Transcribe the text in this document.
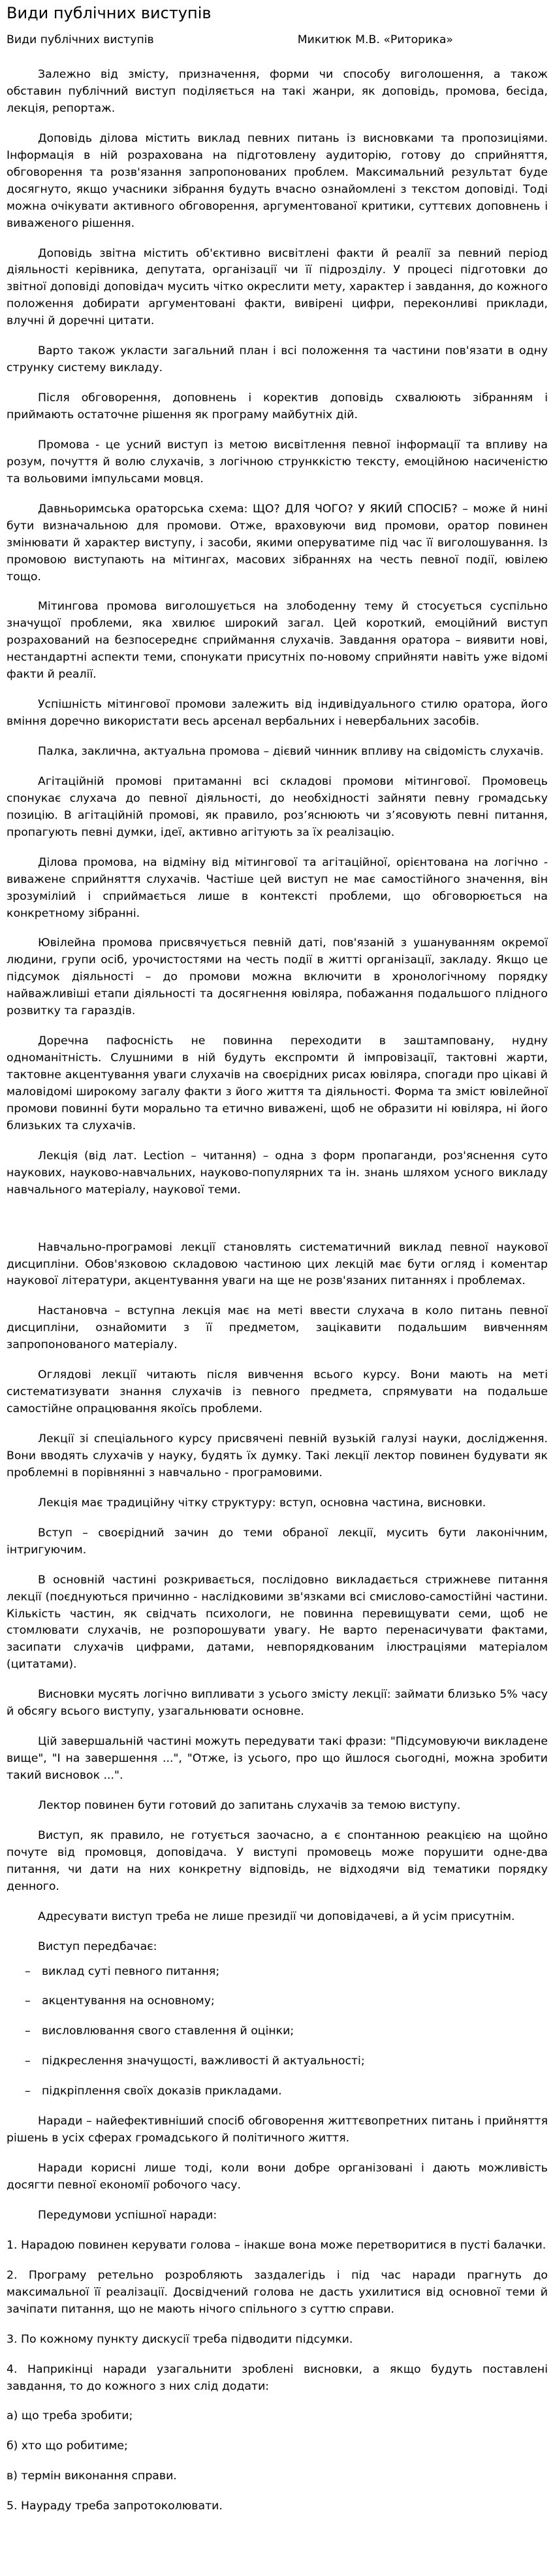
Види публічних виступів
Види публічних виступів	Микитюк М.В. «Риторика»

Залежно від змісту, призначення, форми чи способу виголошення, а також обставин публічний виступ поділяється на такі жанри, як доповідь, промова, бесіда, лекція, репортаж.

Доповідь ділова містить виклад певних питань із висновками та пропозиціями. Інформація в ній розрахована на підготовлену аудиторію, готову до сприйняття, обговорення та розв'язання запропонованих проблем. Максимальний результат буде досягнуто, якщо учасники зібрання будуть вчасно ознайомлені з текстом доповіді. Тоді можна очікувати активного обговорення, аргументованої критики, суттєвих доповнень і виваженого рішення.

Доповідь звітна містить об'єктивно висвітлені факти й реалії за певний період діяльності керівника, депутата, організації чи її підрозділу. У процесі підготовки до звітної доповіді доповідач мусить чітко окреслити мету, характер і завдання, до кожного положення добирати аргументовані факти, вивірені цифри, переконливі приклади, влучні й доречні цитати.

Варто також уклaсти загальний план і всі положення та частини пов'язати в одну струнку систему викладу.

Після обговорення, доповнень і коректив доповідь схвалюють зібранням і приймають остаточне рішення як програму майбутніх дій.

Промова - це усний виступ із метою висвітлення певної інформації та впливу на розум, почуття й волю слухачів, з логічною струнккістю тексту, емоційною насиченістю та вольовими імпульсами мовця.

Давньоримська ораторська схема: ЩО? ДЛЯ ЧОГО? У ЯКИЙ СПОСІБ? – може й нині бути визначальною для промови. Отже, враховуючи вид промови, оратор повинен змінювати й характер виступу, і засоби, якими оперуватиме під час її виголошування. Із промовою виступають на мітингах, масових зібраннях на честь певної події, ювілею тощо.

Мітингова промова виголошується на злободенну тему й стосується суспільно значущої проблеми, яка хвилює широкий загал. Цей короткий, емоційний виступ розрахований на безпосереднє сприймання слухачів. Завдання оратора – виявити нові, нестандартні аспекти теми, спонукати присутніх по-новому сприйняти навіть уже відомі факти й реалії.

Успішність мітингової промови залежить від індивідуального стилю оратора, його вміння доречно використати весь арсенал вербальних і невербальних засобів.

Палка, закличнa, актуальна промова – дієвий чинник впливу на свідомість слухачів.

Агітаційній промові притаманні всі складові промови мітингової. Промовець спонукає слухача до певної діяльності, до необхідності зайняти певну громадську позицію. В агітаційній промові, як правило, розʼяснюють чи зʼясовують певні питання, пропагують певні думки, ідеї, активно агітують за їх реалізацію.

Ділова промова, на відміну від мітингової та агітаційної, орієнтована на логічно - виважене сприйняття слухачів. Частіше цей виступ не має самостійного значення, він зрозуміліий і сприймається лише в контексті проблеми, що обговорюється на конкретному зібранні.

Ювілейна промова присвячується певній даті, пов'язаній з ушануванням окремої людини, групи осіб, урочистостями на честь події в житті організації, закладу. Якщо це підсумок діяльності – до промови можна включити в хронологічному порядку найважливіші етапи діяльності та досягнення ювіляра, побажання подальшого плідного розвитку та гараздів.

Доречна пафосність не повинна переходити в заштампованy, нудну одноманітність. Слушними в ній будуть експромти й імпровізації, тактовні жарти, тактовне акцентування уваги слухачів на своєрідних рисах ювіляра, спогади про цікаві й маловідомі широкому загалу факти з його життя та діяльності. Форма та зміст ювілейної промови повинні бути морально та етично виважені, щоб не образити ні ювіляра, ні його близьких та слухачів.

Лекція (від лат. Lection – читання) – одна з форм пропаганди, роз'яснення суто наукових, науково-навчальних, науково-популярних та ін. знань шляхом усного викладу навчального матеріалу, наукової теми.

Навчально-програмові лекції становлять систематичний виклад певної наукової дисципліни. Обов'язковою складовою частиною цих лекцій має бути огляд і коментар наукової літератури, акцентування уваги на ще не розв'язаних питаннях і проблемах.

Настанoвча – вступна лекція має на меті ввести слухача в коло питань певної дисципліни, ознайомити з її предметом, зацікавити подальшим вивченням запропонованого матеріалу.

Оглядові лекції читають після вивчення всього курсу. Вони мають на меті систематизувати знання слухачів із певного предмета, спрямувати на подальше самостійне опрацювання якоїсь проблеми.

Лекції зі спеціального курсу присвячені певній вузькій галузі науки, дослідження. Вони вводять слухачів у науку, будять їх думку. Такі лекції лектор повинен будувати як проблемні в порівнянні з навчально - програмовими.

Лекція має традиційну чітку структуру: вступ, основна частина, висновки.

Вступ – своєрідний зачин до теми обраної лекції, мусить бути лаконічним, інтригуючим.

В основній частині розкривається, послідовно викладається стрижневе питання лекції (поєднуються причинно - наслідковими зв'язками всі смислово-самостійні частини. Кількість частин, як свідчать психологи, не повинна перевищувати семи, щоб не стомлювати слухачів, не розпорошувати увагу. Не варто перенасичувати фактами, засипати слухачів цифрами, датами, невпорядкованим ілюстраціями матеріалом (цитатами).

Висновки мусять логічно випливати з усього змісту лекції: займати близько 5% часу й обсягу всього виступу, узагальнювати основне.

Цій завершальній частині можуть передувати такі фрази: "Підсумовуючи викладене вище", "І на завершення ...", "Отже, із усього, про що йшлося сьогодні, можна зробити такий висновок ...".

Лектор повинен бути готовий до запитань слухачів за темою виступу.

Виступ, як правило, не готується заочaсно, а є спонтанною реакцією на щойно почуте від промовця, доповідача. У виступі промовець може порушити одне-два питання, чи дати на них конкретну відповідь, не відходячи від тематики порядку денного.

Адресувати виступ треба не лише президії чи доповідачеві, а й усім присутнім.

Виступ передбачає:

– виклад суті певного питання;
– акцентування на основному;
– висловлювання свого ставлення й оцінки;
– підкреслення значущості, важливості й актуальності;
– підкріплення своїх доказів прикладами.

Наради – найефективніший спосіб обговорення життєвопретних питань і прийняття рішень в усіх сферах громадського й політичного життя.

Наради корисні лише тоді, коли вони добре організовані і дають можливість досягти певної економії робочого часу.

Передумови успішної наради:

1. Нарадою повинен керувати голова – інакше вона може перетворитися в пусті балачки.

2. Програму ретельно розробляють заздалегідь і під час наради прагнуть до максимальної її реалізації. Досвідчений голова не дасть ухилитися від основної теми й зачіпати питання, що не мають нічого спільного з суттю справи.

3. По кожному пункту дискусії треба підводити підсумки.

4. Наприкінці наради узагальнити зроблені висновки, а якщо будуть поставлені завдання, то до кожного з них слід додати:

а) що треба зробити;

б) хто що робитиме;

в) термін виконання справи.

5. Наураду треба запротоколювати.
